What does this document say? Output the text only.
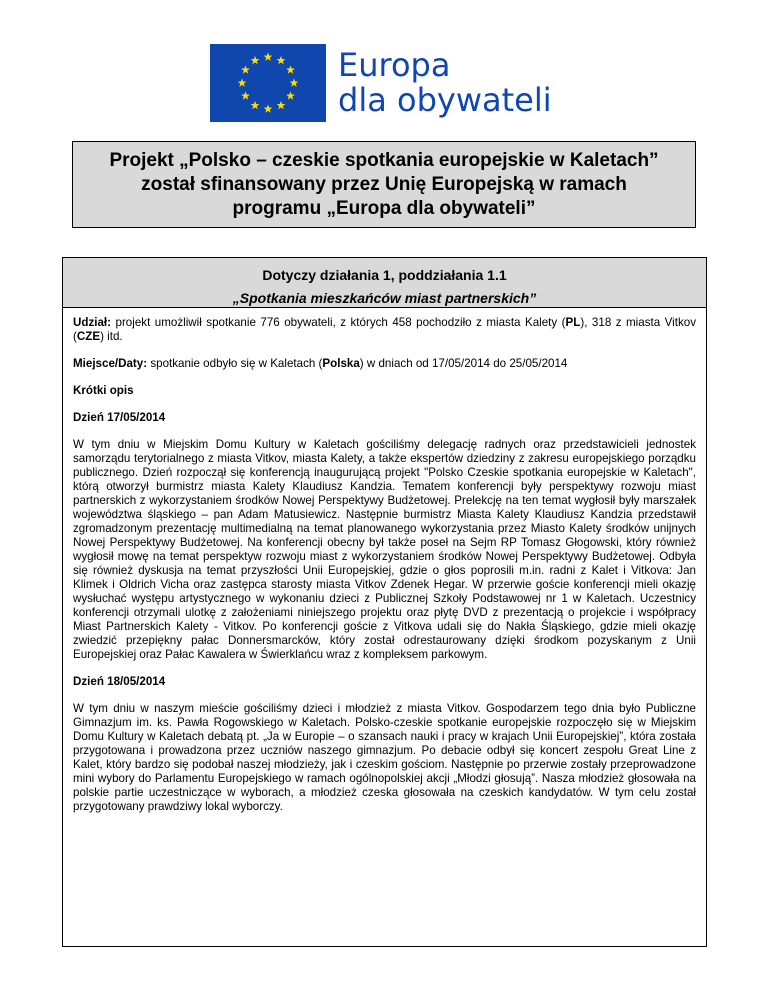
Europa
dla obywateli
Projekt „Polsko – czeskie spotkania europejskie w Kaletach”
został sfinansowany przez Unię Europejską w ramach
programu „Europa dla obywateli”
Dotyczy działania 1, poddziałania 1.1
„Spotkania mieszkańców miast partnerskich”

Udział: projekt umożliwił spotkanie 776 obywateli, z których 458 pochodziło z miasta Kalety (PL), 318 z miasta Vitkov (CZE) itd.

Miejsce/Daty: spotkanie odbyło się w Kaletach (Polska) w dniach od 17/05/2014 do 25/05/2014

Krótki opis

Dzień 17/05/2014

W tym dniu w Miejskim Domu Kultury w Kaletach gościliśmy delegację radnych oraz przedstawicieli jednostek samorządu terytorialnego z miasta Vitkov, miasta Kalety, a także ekspertów dziedziny z zakresu europejskiego porządku publicznego. Dzień rozpoczął się konferencją inaugurującą projekt "Polsko Czeskie spotkania europejskie w Kaletach", którą otworzył burmistrz miasta Kalety Klaudiusz Kandzia. Tematem konferencji były perspektywy rozwoju miast partnerskich z wykorzystaniem środków Nowej Perspektywy Budżetowej. Prelekcję na ten temat wygłosił były marszałek województwa śląskiego – pan Adam Matusiewicz. Następnie burmistrz Miasta Kalety Klaudiusz Kandzia przedstawił zgromadzonym prezentację multimedialną na temat planowanego wykorzystania przez Miasto Kalety środków unijnych Nowej Perspektywy Budżetowej. Na konferencji obecny był także poseł na Sejm RP Tomasz Głogowski, który również wygłosił mowę na temat perspektyw rozwoju miast z wykorzystaniem środków Nowej Perspektywy Budżetowej. Odbyła się również dyskusja na temat przyszłości Unii Europejskiej, gdzie o głos poprosili m.in. radni z Kalet i Vitkova: Jan Klimek i Oldrich Vicha oraz zastępca starosty miasta Vitkov Zdenek Hegar. W przerwie goście konferencji mieli okazję wysłuchać występu artystycznego w wykonaniu dzieci z Publicznej Szkoły Podstawowej nr 1 w Kaletach. Uczestnicy konferencji otrzymali ulotkę z założeniami niniejszego projektu oraz płytę DVD z prezentacją o projekcie i współpracy Miast Partnerskich Kalety - Vitkov. Po konferencji goście z Vitkova udali się do Nakła Śląskiego, gdzie mieli okazję zwiedzić przepiękny pałac Donnersmarcków, który został odrestaurowany dzięki środkom pozyskanym z Unii Europejskiej oraz Pałac Kawalera w Świerklańcu wraz z kompleksem parkowym.

Dzień 18/05/2014

W tym dniu w naszym mieście gościliśmy dzieci i młodzież z miasta Vitkov. Gospodarzem tego dnia było Publiczne Gimnazjum im. ks. Pawła Rogowskiego w Kaletach. Polsko-czeskie spotkanie europejskie rozpoczęło się w Miejskim Domu Kultury w Kaletach debatą pt. „Ja w Europie – o szansach nauki i pracy w krajach Unii Europejskiej”, która została przygotowana i prowadzona przez uczniów naszego gimnazjum. Po debacie odbył się koncert zespołu Great Line z Kalet, który bardzo się podobał naszej młodzieży, jak i czeskim gościom. Następnie po przerwie zostały przeprowadzone mini wybory do Parlamentu Europejskiego w ramach ogólnopolskiej akcji „Młodzi głosują”. Nasza młodzież głosowała na polskie partie uczestniczące w wyborach, a młodzież czeska głosowała na czeskich kandydatów. W tym celu został przygotowany prawdziwy lokal wyborczy.
